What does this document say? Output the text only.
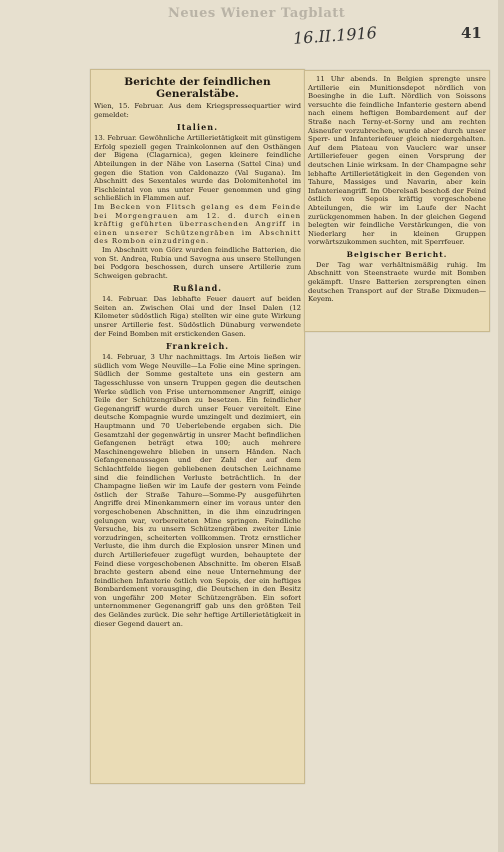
Neues Wiener Tagblatt
16.II.1916	41
Berichte der feindlichen Generalstäbe.

Wien, 15. Februar. Aus dem Kriegspressequartier wird gemeldet:

Italien.

13. Februar. Gewöhnliche Artillerietätigkeit mit günstigem Erfolg speziell gegen Trainkolonnen auf den Osthängen der Bigena (Clagarnica), gegen kleinere feindliche Abteilungen in der Nähe von Laserna (Sattel Cina) und gegen die Station von Caldonazzo (Val Sugana). Im Abschnitt des Sexentales wurde das Dolomitenhotel im Fischleintal von uns unter Feuer genommen und ging schließlich in Flammen auf.

Im Becken von Flitsch gelang es dem Feinde bei Morgengrauen am 12. d. durch einen kräftig geführten überraschenden Angriff in einen unserer Schützengräben im Abschnitt des Rombon einzudringen.

Im Abschnitt von Görz wurden feindliche Batterien, die von St. Andrea, Rubia und Savogna aus unsere Stellungen bei Podgora beschossen, durch unsere Artillerie zum Schweigen gebracht.

Rußland.

14. Februar. Das lebhafte Feuer dauert auf beiden Seiten an. Zwischen Olai und der Insel Dalen (12 Kilometer südöstlich Riga) stellten wir eine gute Wirkung unsrer Artillerie fest. Südöstlich Dünaburg verwendete der Feind Bomben mit erstickenden Gasen.

Frankreich.

14. Februar, 3 Uhr nachmittags. Im Artois ließen wir südlich vom Wege Neuville—La Folie eine Mine springen. Südlich der Somme gestaltete uns ein gestern am Tagesschlusse von unsern Truppen gegen die deutschen Werke südlich von Frise unternommener Angriff, einige Teile der Schützengräben zu besetzen. Ein feindlicher Gegenangriff wurde durch unser Feuer vereitelt. Eine deutsche Kompagnie wurde umzingelt und dezimiert, ein Hauptmann und 70 Ueberlebende ergaben sich. Die Gesamtzahl der gegenwärtig in unsrer Macht befindlichen Gefangenen beträgt etwa 100; auch mehrere Maschinengewehre blieben in unsern Händen. Nach Gefangenenaussagen und der Zahl der auf dem Schlachtfelde liegen gebliebenen deutschen Leichname sind die feindlichen Verluste beträchtlich. In der Champagne ließen wir im Laufe der gestern vom Feinde östlich der Straße Tahure—Somme-Py ausgeführten Angriffe drei Minenkammern einer im voraus unter den vorgeschobenen Abschnitten, in die ihm einzudringen gelungen war, vorbereiteten Mine springen. Feindliche Versuche, bis zu unsern Schützengräben zweiter Linie vorzudringen, scheiterten vollkommen. Trotz ernstlicher Verluste, die ihm durch die Explosion unsrer Minen und durch Artilleriefeuer zugefügt wurden, behauptete der Feind diese vorgeschobenen Abschnitte. Im oberen Elsaß brachte gestern abend eine neue Unternehmung der feindlichen Infanterie östlich von Sepois, der ein heftiges Bombardement vorausging, die Deutschen in den Besitz von ungefähr 200 Meter Schützengräben. Ein sofort unternommener Gegenangriff gab uns den größten Teil des Geländes zurück. Die sehr heftige Artillerietätigkeit in dieser Gegend dauert an.

11 Uhr abends. In Belgien sprengte unsre Artillerie ein Munitionsdepot nördlich von Boesinghe in die Luft. Nördlich von Soissons versuchte die feindliche Infanterie gestern abend nach einem heftigen Bombardement auf der Straße nach Terny-et-Sorny und am rechten Aisneufer vorzubrechen, wurde aber durch unser Sperr- und Infanteriefeuer gleich niedergehalten. Auf dem Plateau von Vauclerc war unser Artilleriefeuer gegen einen Vorsprung der deutschen Linie wirksam. In der Champagne sehr lebhafte Artillerietätigkeit in den Gegenden von Tahure, Massiges und Navarin, aber kein Infanterieangriff. Im Oberelsaß beschoß der Feind östlich von Sepois kräftig vorgeschobene Abteilungen, die wir im Laufe der Nacht zurückgenommen haben. In der gleichen Gegend belegten wir feindliche Verstärkungen, die von Niederlarg her in kleinen Gruppen vorwärtszukommen suchten, mit Sperrfeuer.

Belgischer Bericht.

Der Tag war verhältnismäßig ruhig. Im Abschnitt von Steenstraete wurde mit Bomben gekämpft. Unsre Batterien zersprengten einen deutschen Transport auf der Straße Dixmuden—Keyem.
